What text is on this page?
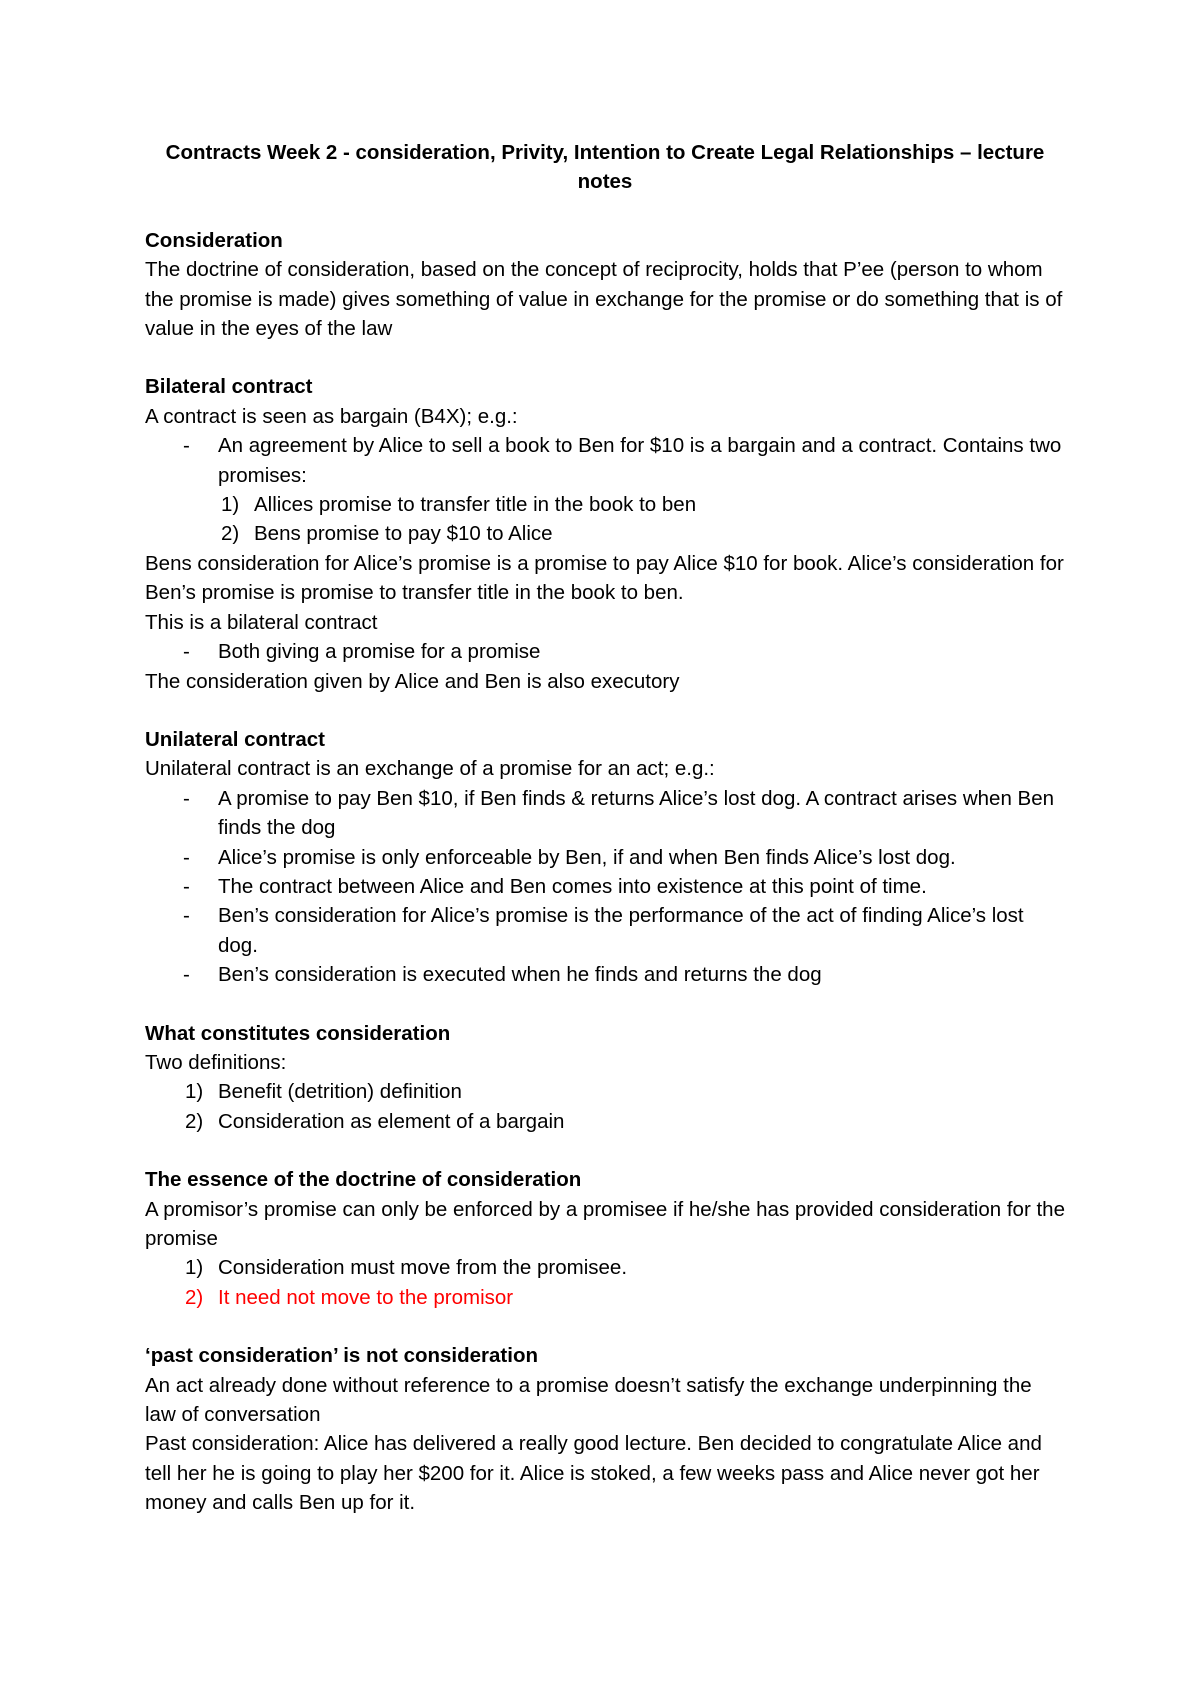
Contracts Week 2 - consideration, Privity, Intention to Create Legal Relationships – lecture notes

Consideration

The doctrine of consideration, based on the concept of reciprocity, holds that P’ee (person to whom the promise is made) gives something of value in exchange for the promise or do something that is of value in the eyes of the law

Bilateral contract

A contract is seen as bargain (B4X); e.g.:

- An agreement by Alice to sell a book to Ben for $10 is a bargain and a contract. Contains two promises:
1) Allices promise to transfer title in the book to ben
2) Bens promise to pay $10 to Alice

Bens consideration for Alice’s promise is a promise to pay Alice $10 for book. Alice’s consideration for Ben’s promise is promise to transfer title in the book to ben.

This is a bilateral contract

- Both giving a promise for a promise

The consideration given by Alice and Ben is also executory

Unilateral contract

Unilateral contract is an exchange of a promise for an act; e.g.:

- A promise to pay Ben $10, if Ben finds & returns Alice’s lost dog. A contract arises when Ben finds the dog
- Alice’s promise is only enforceable by Ben, if and when Ben finds Alice’s lost dog.
- The contract between Alice and Ben comes into existence at this point of time.
- Ben’s consideration for Alice’s promise is the performance of the act of finding Alice’s lost dog.
- Ben’s consideration is executed when he finds and returns the dog

What constitutes consideration

Two definitions:

1) Benefit (detrition) definition
2) Consideration as element of a bargain

The essence of the doctrine of consideration

A promisor’s promise can only be enforced by a promisee if he/she has provided consideration for the promise

1) Consideration must move from the promisee.
2) It need not move to the promisor

‘past consideration’ is not consideration

An act already done without reference to a promise doesn’t satisfy the exchange underpinning the law of conversation

Past consideration: Alice has delivered a really good lecture. Ben decided to congratulate Alice and tell her he is going to play her $200 for it. Alice is stoked, a few weeks pass and Alice never got her money and calls Ben up for it.
